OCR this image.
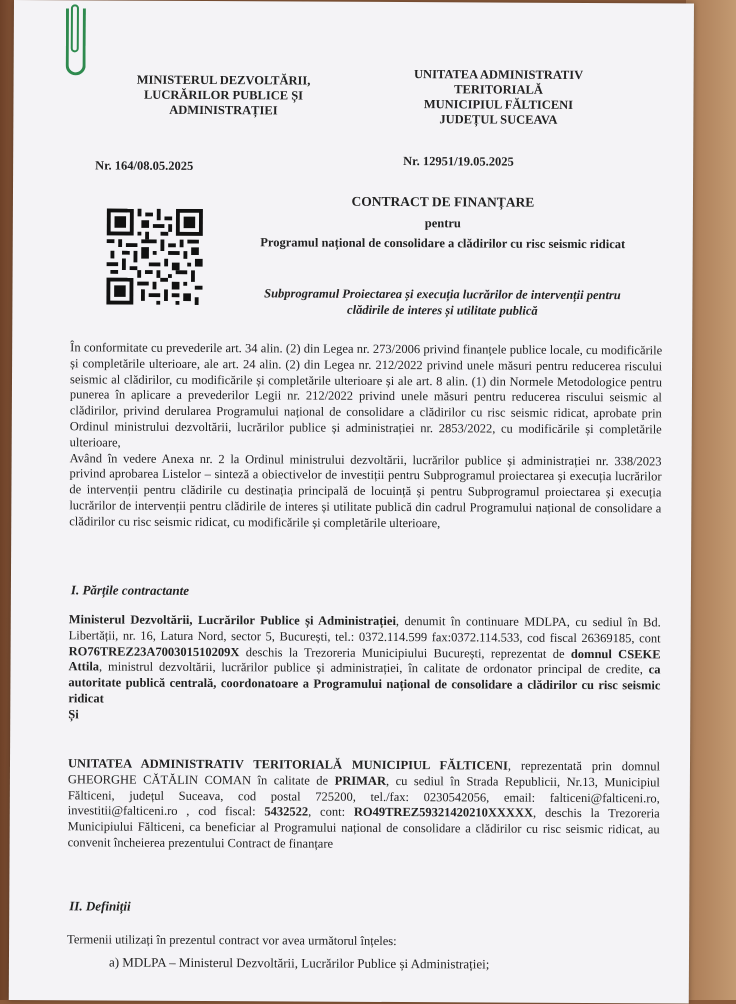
MINISTERUL DEZVOLTĂRII,
LUCRĂRILOR PUBLICE ȘI
ADMINISTRAȚIEI
UNITATEA ADMINISTRATIV
TERITORIALĂ
MUNICIPIUL FĂLTICENI
JUDEȚUL SUCEAVA
Nr. 164/08.05.2025	Nr. 12951/19.05.2025
CONTRACT DE FINANȚARE
pentru
Programul național de consolidare a clădirilor cu risc seismic ridicat
Subprogramul Proiectarea și execuția lucrărilor de intervenții pentru clădirile de interes și utilitate publică
În conformitate cu prevederile art. 34 alin. (2) din Legea nr. 273/2006 privind finanțele publice locale, cu modificările și completările ulterioare, ale art. 24 alin. (2) din Legea nr. 212/2022 privind unele măsuri pentru reducerea riscului seismic al clădirilor, cu modificările și completările ulterioare și ale art. 8 alin. (1) din Normele Metodologice pentru punerea în aplicare a prevederilor Legii nr. 212/2022 privind unele măsuri pentru reducerea riscului seismic al clădirilor, privind derularea Programului național de consolidare a clădirilor cu risc seismic ridicat, aprobate prin Ordinul ministrului dezvoltării, lucrărilor publice și administrației nr. 2853/2022, cu modificările și completările ulterioare,
Având în vedere Anexa nr. 2 la Ordinul ministrului dezvoltării, lucrărilor publice și administrației nr. 338/2023 privind aprobarea Listelor – sinteză a obiectivelor de investiții pentru Subprogramul proiectarea și execuția lucrărilor de intervenții pentru clădirile cu destinația principală de locuință și pentru Subprogramul proiectarea și execuția lucrărilor de intervenții pentru clădirile de interes și utilitate publică din cadrul Programului național de consolidare a clădirilor cu risc seismic ridicat, cu modificările și completările ulterioare,
I. Părțile contractante
Ministerul Dezvoltării, Lucrărilor Publice și Administrației, denumit în continuare MDLPA, cu sediul în Bd. Libertății, nr. 16, Latura Nord, sector 5, București, tel.: 0372.114.599 fax:0372.114.533, cod fiscal 26369185, cont RO76TREZ23A700301510209X deschis la Trezoreria Municipiului București, reprezentat de domnul CSEKE Attila, ministrul dezvoltării, lucrărilor publice și administrației, în calitate de ordonator principal de credite, ca autoritate publică centrală, coordonatoare a Programului național de consolidare a clădirilor cu risc seismic ridicat
Și
UNITATEA ADMINISTRATIV TERITORIALĂ MUNICIPIUL FĂLTICENI, reprezentată prin domnul GHEORGHE CĂTĂLIN COMAN în calitate de PRIMAR, cu sediul în Strada Republicii, Nr.13, Municipiul Fălticeni, județul Suceava, cod postal 725200, tel./fax: 0230542056, email: falticeni@falticeni.ro, investitii@falticeni.ro , cod fiscal: 5432522, cont: RO49TREZ59321420210XXXXX, deschis la Trezoreria Municipiului Fălticeni, ca beneficiar al Programului național de consolidare a clădirilor cu risc seismic ridicat, au convenit încheierea prezentului Contract de finanțare
II. Definiții
Termenii utilizați în prezentul contract vor avea următorul înțeles:
a) MDLPA – Ministerul Dezvoltării, Lucrărilor Publice și Administrației;
